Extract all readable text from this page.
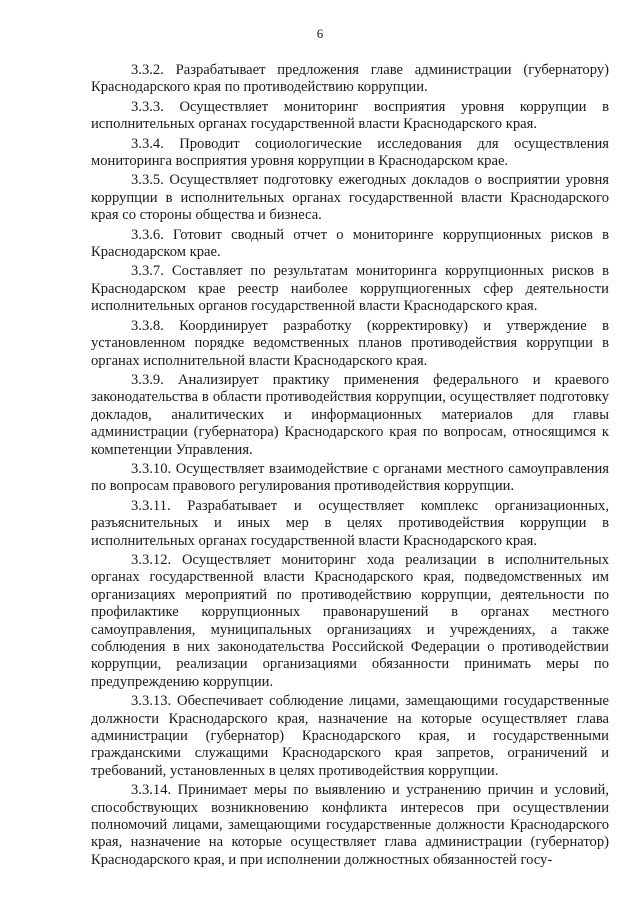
6

3.3.2. Разрабатывает предложения главе администрации (губернатору) Краснодарского края по противодействию коррупции.

3.3.3. Осуществляет мониторинг восприятия уровня коррупции в исполнительных органах государственной власти Краснодарского края.

3.3.4. Проводит социологические исследования для осуществления мониторинга восприятия уровня коррупции в Краснодарском крае.

3.3.5. Осуществляет подготовку ежегодных докладов о восприятии уровня коррупции в исполнительных органах государственной власти Краснодарского края со стороны общества и бизнеса.

3.3.6. Готовит сводный отчет о мониторинге коррупционных рисков в Краснодарском крае.

3.3.7. Составляет по результатам мониторинга коррупционных рисков в Краснодарском крае реестр наиболее коррупциогенных сфер деятельности исполнительных органов государственной власти Краснодарского края.

3.3.8. Координирует разработку (корректировку) и утверждение в установленном порядке ведомственных планов противодействия коррупции в органах исполнительной власти Краснодарского края.

3.3.9. Анализирует практику применения федерального и краевого законодательства в области противодействия коррупции, осуществляет подготовку докладов, аналитических и информационных материалов для главы администрации (губернатора) Краснодарского края по вопросам, относящимся к компетенции Управления.

3.3.10. Осуществляет взаимодействие с органами местного самоуправления по вопросам правового регулирования противодействия коррупции.

3.3.11. Разрабатывает и осуществляет комплекс организационных, разъяснительных и иных мер в целях противодействия коррупции в исполнительных органах государственной власти Краснодарского края.

3.3.12. Осуществляет мониторинг хода реализации в исполнительных органах государственной власти Краснодарского края, подведомственных им организациях мероприятий по противодействию коррупции, деятельности по профилактике коррупционных правонарушений в органах местного самоуправления, муниципальных организациях и учреждениях, а также соблюдения в них законодательства Российской Федерации о противодействии коррупции, реализации организациями обязанности принимать меры по предупреждению коррупции.

3.3.13. Обеспечивает соблюдение лицами, замещающими государственные должности Краснодарского края, назначение на которые осуществляет глава администрации (губернатор) Краснодарского края, и государственными гражданскими служащими Краснодарского края запретов, ограничений и требований, установленных в целях противодействия коррупции.

3.3.14. Принимает меры по выявлению и устранению причин и условий, способствующих возникновению конфликта интересов при осуществлении полномочий лицами, замещающими государственные должности Краснодарского края, назначение на которые осуществляет глава администрации (губернатор) Краснодарского края, и при исполнении должностных обязанностей госу-
